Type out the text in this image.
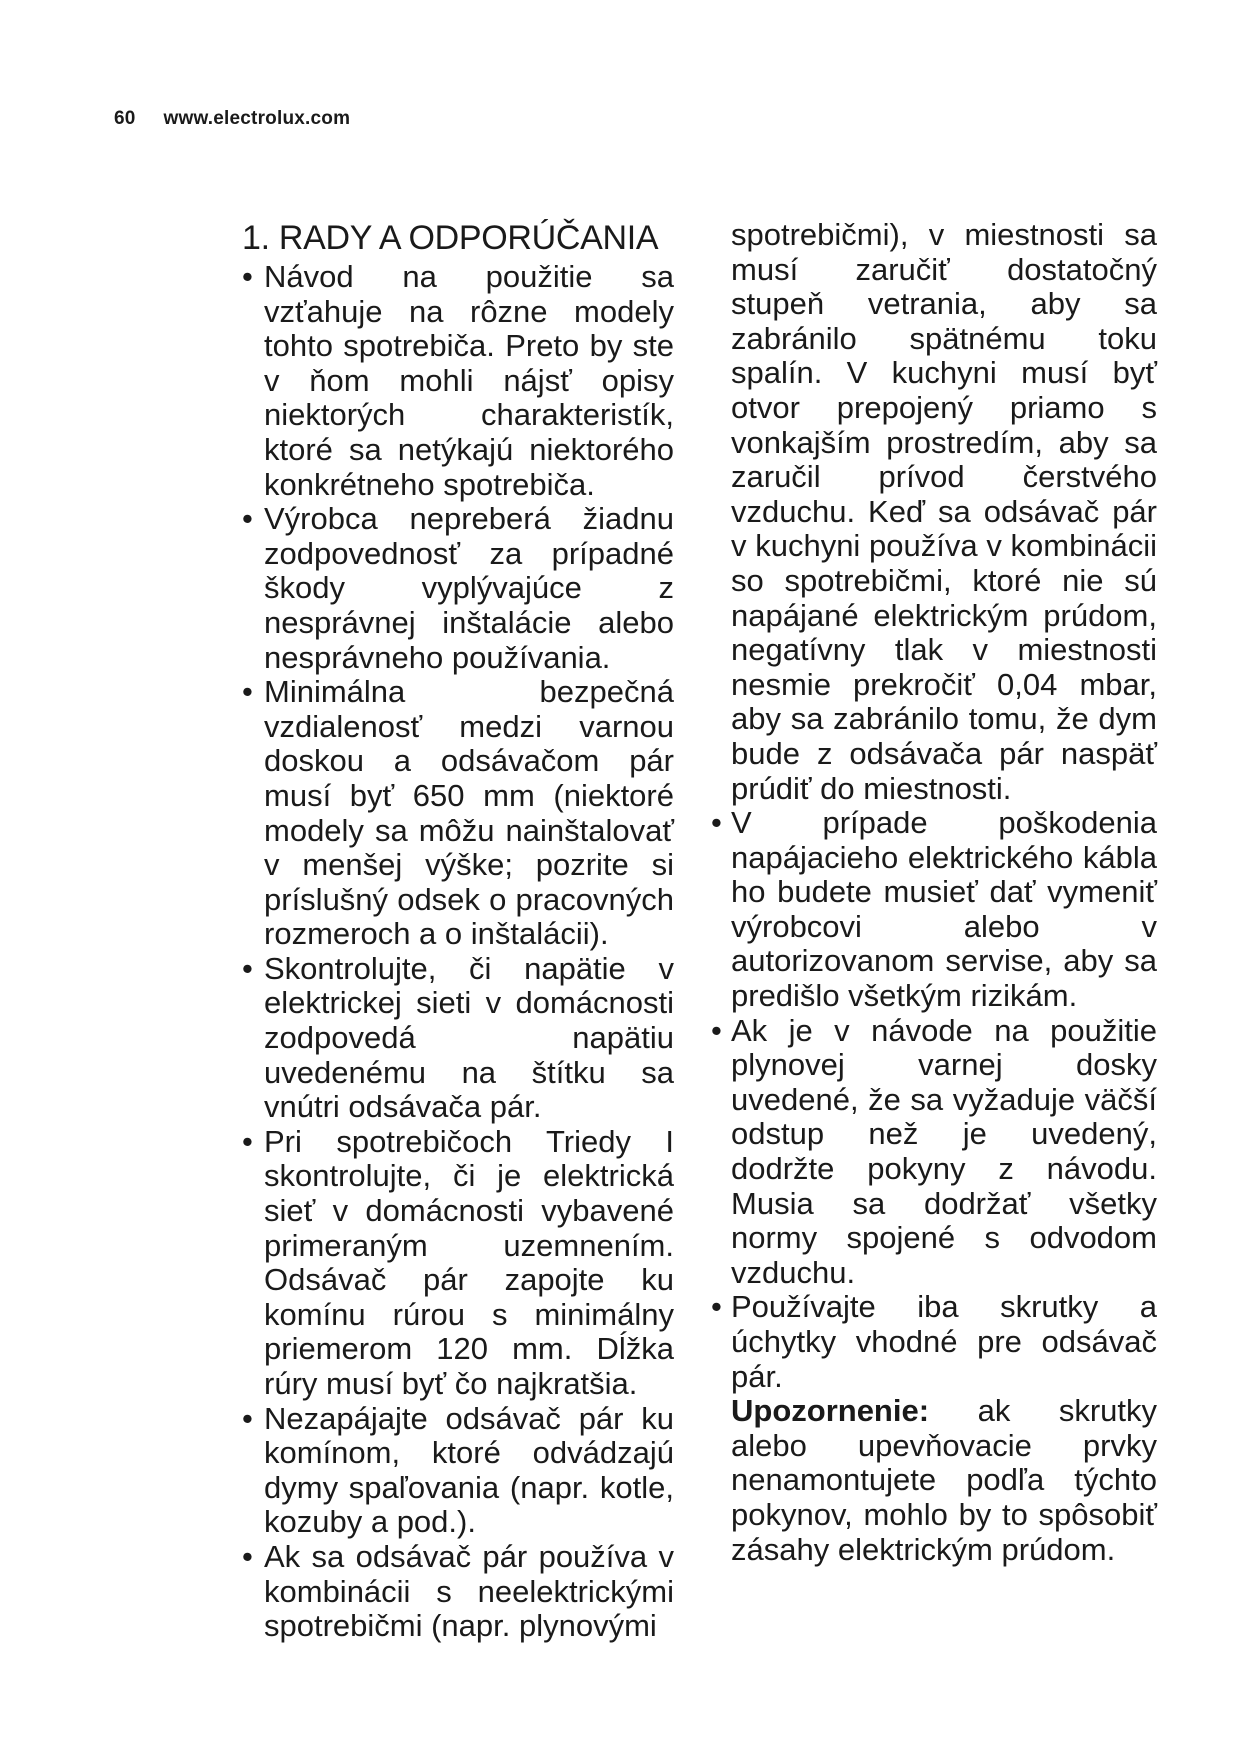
60 www.electrolux.com
1. RADY A ODPORÚČANIA
• Návod na použitie sa vzťahuje na rôzne modely tohto spotrebiča. Preto by ste v ňom mohli nájsť opisy niektorých charakteristík, ktoré sa netýkajú niektorého konkrétneho spotrebiča.
• Výrobca nepreberá žiadnu zodpovednosť za prípadné škody vyplývajúce z nesprávnej inštalácie alebo nesprávneho používania.
• Minimálna bezpečná vzdialenosť medzi varnou doskou a odsávačom pár musí byť 650 mm (niektoré modely sa môžu nainštalovať v menšej výške; pozrite si príslušný odsek o pracovných rozmeroch a o inštalácii).
• Skontrolujte, či napätie v elektrickej sieti v domácnosti zodpovedá napätiu uvedenému na štítku sa vnútri odsávača pár.
• Pri spotrebičoch Triedy I skontrolujte, či je elektrická sieť v domácnosti vybavené primeraným uzemnením. Odsávač pár zapojte ku komínu rúrou s minimálny priemerom 120 mm. Dĺžka rúry musí byť čo najkratšia.
• Nezapájajte odsávač pár ku komínom, ktoré odvádzajú dymy spaľovania (napr. kotle, kozuby a pod.).
• Ak sa odsávač pár používa v kombinácii s neelektrickými spotrebičmi (napr. plynovými

spotrebičmi), v miestnosti sa musí zaručiť dostatočný stupeň vetrania, aby sa zabránilo spätnému toku spalín. V kuchyni musí byť otvor prepojený priamo s vonkajším prostredím, aby sa zaručil prívod čerstvého vzduchu. Keď sa odsávač pár v kuchyni používa v kombinácii so spotrebičmi, ktoré nie sú napájané elektrickým prúdom, negatívny tlak v miestnosti nesmie prekročiť 0,04 mbar, aby sa zabránilo tomu, že dym bude z odsávača pár naspäť prúdiť do miestnosti.

• V prípade poškodenia napájacieho elektrického kábla ho budete musieť dať vymeniť výrobcovi alebo v autorizovanom servise, aby sa predišlo všetkým rizikám.
• Ak je v návode na použitie plynovej varnej dosky uvedené, že sa vyžaduje väčší odstup než je uvedený, dodržte pokyny z návodu. Musia sa dodržať všetky normy spojené s odvodom vzduchu.
• Používajte iba skrutky a úchytky vhodné pre odsávač pár.

Upozornenie: ak skrutky alebo upevňovacie prvky nenamontujete podľa týchto pokynov, mohlo by to spôsobiť zásahy elektrickým prúdom.
